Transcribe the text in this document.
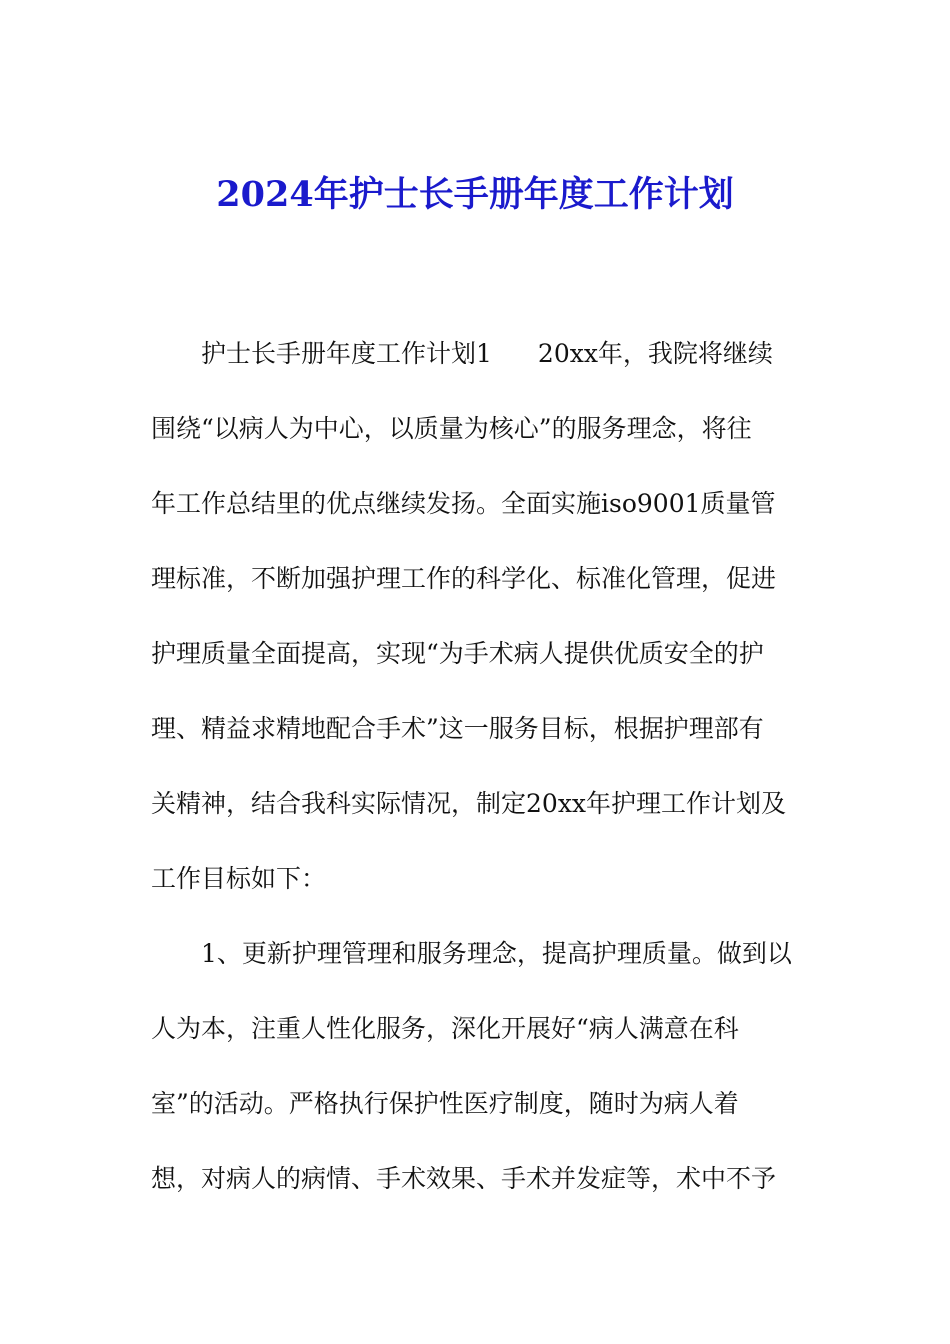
2024年护士长手册年度工作计划
护士长手册年度工作计划1 20xx年，我院将继续
围绕“以病人为中心，以质量为核心”的服务理念，将往
年工作总结里的优点继续发扬。全面实施iso9001质量管
理标准，不断加强护理工作的科学化、标准化管理，促进
护理质量全面提高，实现“为手术病人提供优质安全的护
理、精益求精地配合手术”这一服务目标，根据护理部有
关精神，结合我科实际情况，制定20xx年护理工作计划及
工作目标如下：
1、更新护理管理和服务理念，提高护理质量。做到以
人为本，注重人性化服务，深化开展好“病人满意在科
室”的活动。严格执行保护性医疗制度，随时为病人着
想，对病人的病情、手术效果、手术并发症等，术中不予
